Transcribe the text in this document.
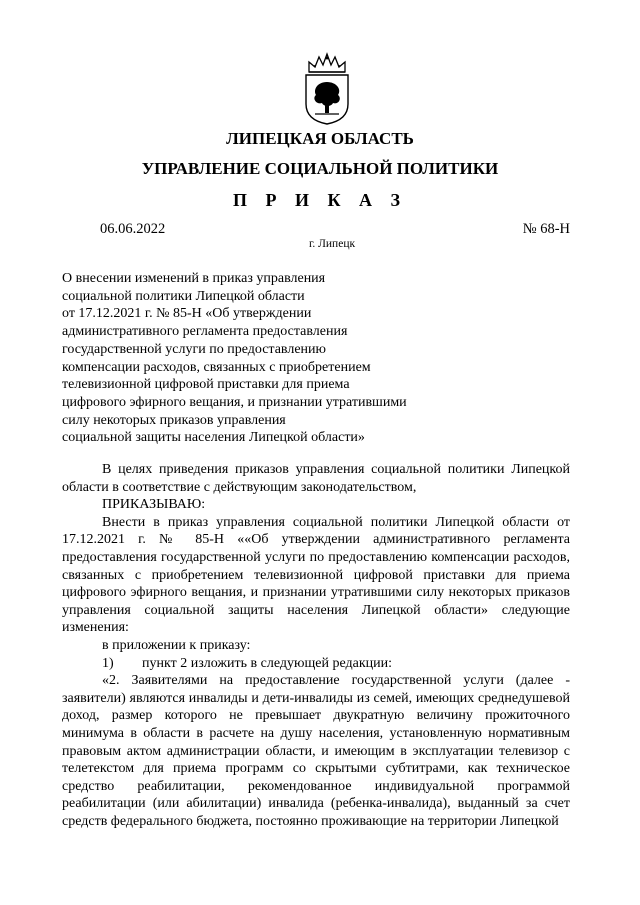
ЛИПЕЦКАЯ ОБЛАСТЬ
УПРАВЛЕНИЕ СОЦИАЛЬНОЙ ПОЛИТИКИ
П Р И К А З
06.06.2022	№ 68-Н
г. Липецк
О внесении изменений в приказ управления
социальной политики Липецкой области
от 17.12.2021 г. № 85-Н «Об утверждении
административного регламента предоставления
государственной услуги по предоставлению
компенсации расходов, связанных с приобретением
телевизионной цифровой приставки для приема
цифрового эфирного вещания, и признании утратившими
силу некоторых приказов управления
социальной защиты населения Липецкой области»

В целях приведения приказов управления социальной политики Липецкой области в соответствие с действующим законодательством,

ПРИКАЗЫВАЮ:

Внести в приказ управления социальной политики Липецкой области от 17.12.2021 г. № 85-Н ««Об утверждении административного регламента предоставления государственной услуги по предоставлению компенсации расходов, связанных с приобретением телевизионной цифровой приставки для приема цифрового эфирного вещания, и признании утратившими силу некоторых приказов управления социальной защиты населения Липецкой области» следующие изменения:

в приложении к приказу:

1) пункт 2 изложить в следующей редакции:

«2. Заявителями на предоставление государственной услуги (далее - заявители) являются инвалиды и дети-инвалиды из семей, имеющих среднедушевой доход, размер которого не превышает двукратную величину прожиточного минимума в области в расчете на душу населения, установленную нормативным правовым актом администрации области, и имеющим в эксплуатации телевизор с телетекстом для приема программ со скрытыми субтитрами, как техническое средство реабилитации, рекомендованное индивидуальной программой реабилитации (или абилитации) инвалида (ребенка-инвалида), выданный за счет средств федерального бюджета, постоянно проживающие на территории Липецкой
